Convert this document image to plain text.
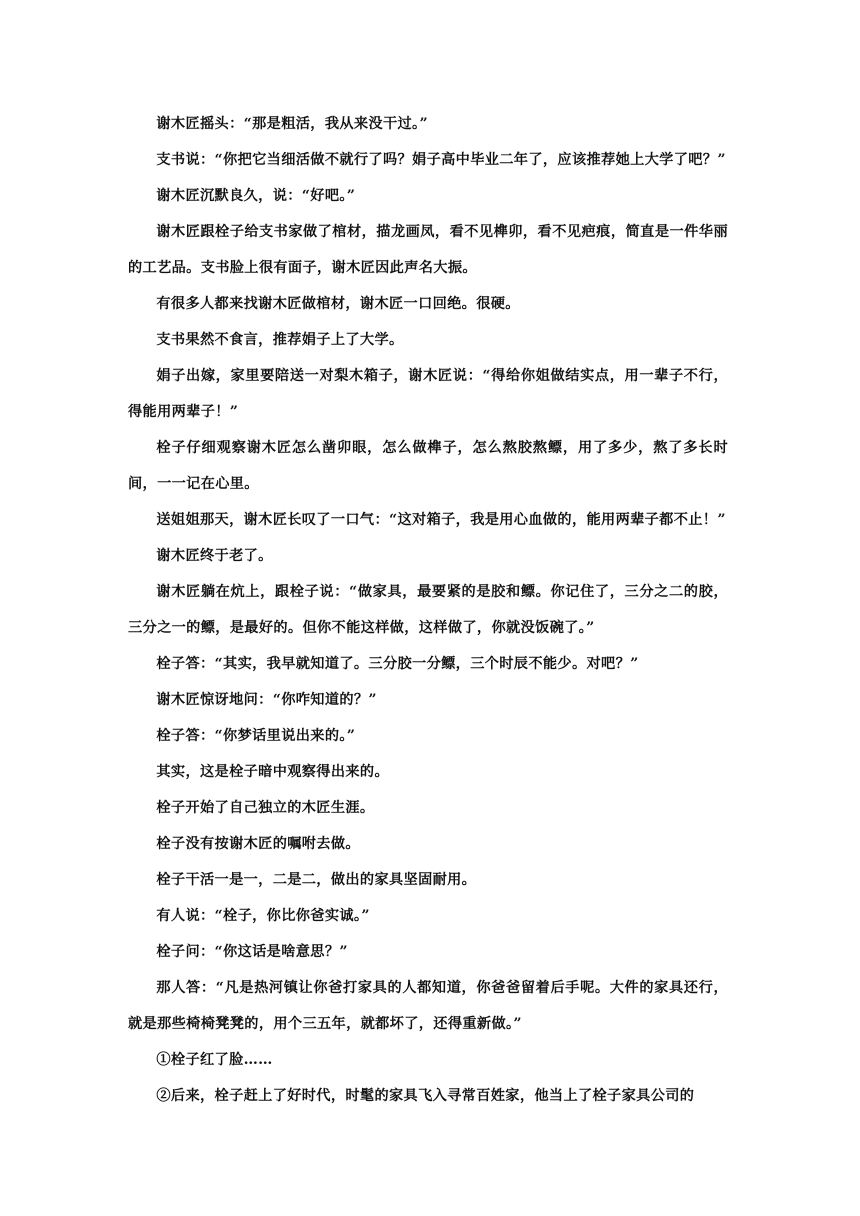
谢木匠摇头：“那是粗活，我从来没干过。”

支书说：“你把它当细活做不就行了吗？娟子高中毕业二年了，应该推荐她上大学了吧？”

谢木匠沉默良久，说：“好吧。”

谢木匠跟栓子给支书家做了棺材，描龙画凤，看不见榫卯，看不见疤痕，简直是一件华丽的工艺品。支书脸上很有面子，谢木匠因此声名大振。

有很多人都来找谢木匠做棺材，谢木匠一口回绝。很硬。

支书果然不食言，推荐娟子上了大学。

娟子出嫁，家里要陪送一对梨木箱子，谢木匠说：“得给你姐做结实点，用一辈子不行，得能用两辈子！”

栓子仔细观察谢木匠怎么凿卯眼，怎么做榫子，怎么熬胶熬鳔，用了多少，熬了多长时间，一一记在心里。

送姐姐那天，谢木匠长叹了一口气：“这对箱子，我是用心血做的，能用两辈子都不止！”

谢木匠终于老了。

谢木匠躺在炕上，跟栓子说：“做家具，最要紧的是胶和鳔。你记住了，三分之二的胶，三分之一的鳔，是最好的。但你不能这样做，这样做了，你就没饭碗了。”

栓子答：“其实，我早就知道了。三分胶一分鳔，三个时辰不能少。对吧？”

谢木匠惊讶地问：“你咋知道的？”

栓子答：“你梦话里说出来的。”

其实，这是栓子暗中观察得出来的。

栓子开始了自己独立的木匠生涯。

栓子没有按谢木匠的嘱咐去做。

栓子干活一是一，二是二，做出的家具坚固耐用。

有人说：“栓子，你比你爸实诚。”

栓子问：“你这话是啥意思？”

那人答：“凡是热河镇让你爸打家具的人都知道，你爸爸留着后手呢。大件的家具还行，就是那些椅椅凳凳的，用个三五年，就都坏了，还得重新做。”

①栓子红了脸……

②后来，栓子赶上了好时代，时髦的家具飞入寻常百姓家，他当上了栓子家具公司的
